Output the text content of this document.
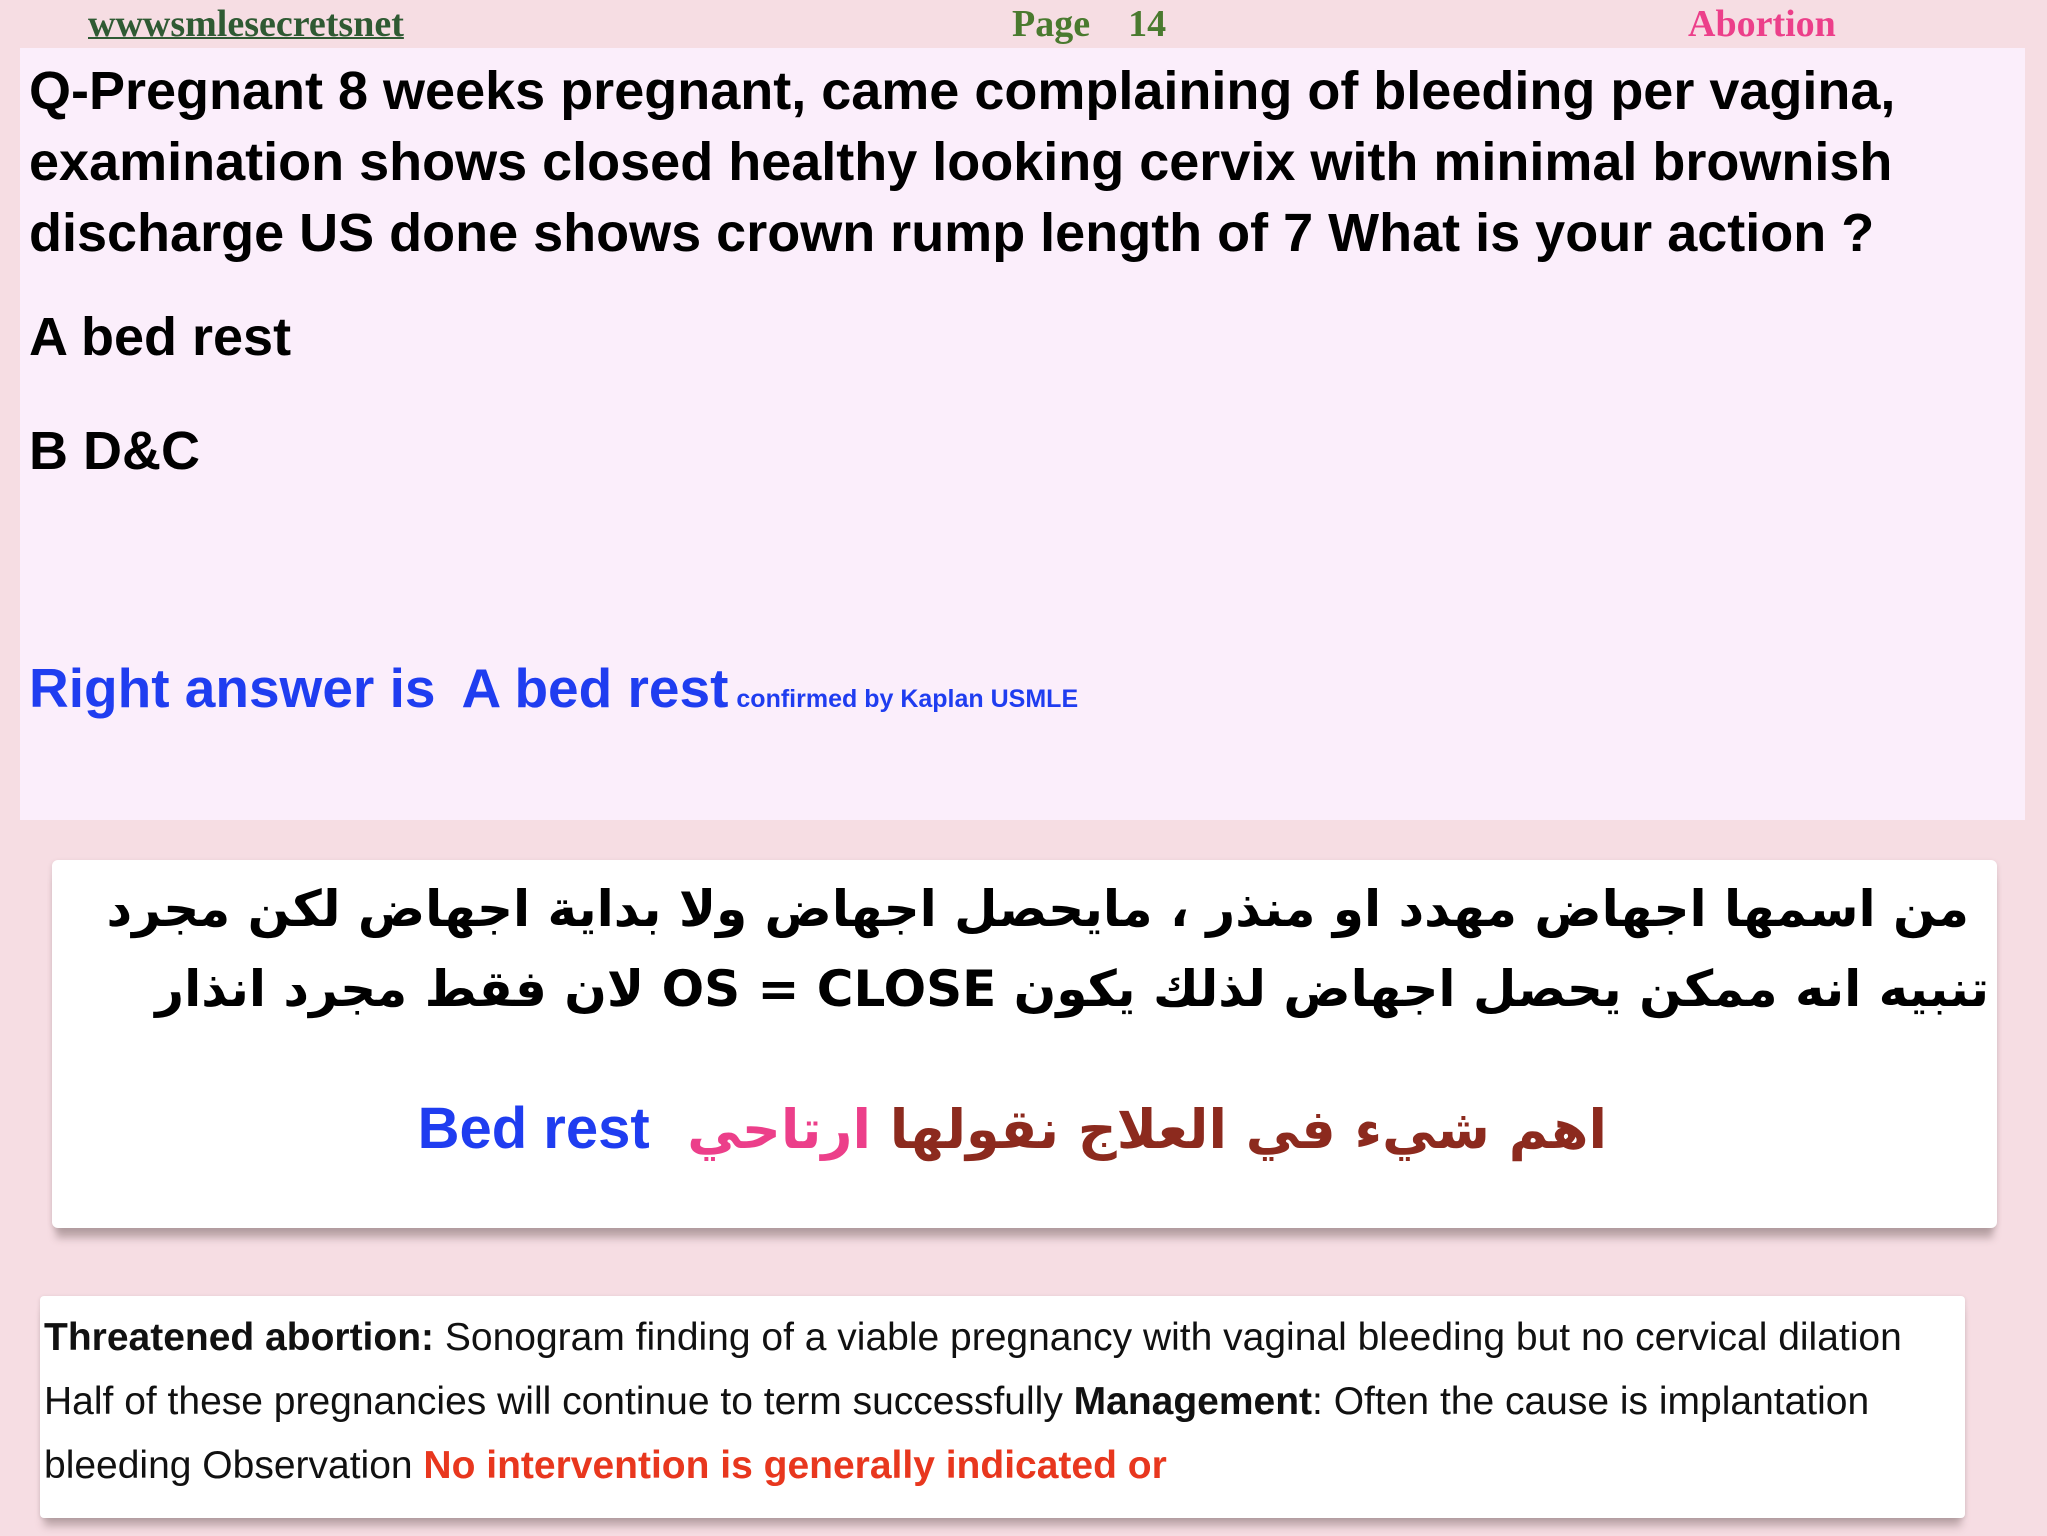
wwwsmlesecretsnet	Page 14	Abortion

Q-Pregnant 8 weeks pregnant, came complaining of bleeding per vagina,

examination shows closed healthy looking cervix with minimal brownish

discharge US done shows crown rump length of 7 What is your action ?

A bed rest

B D&C

Right answer is A bed rest confirmed by Kaplan USMLE
من اسمها اجهاض مهدد او منذر ، مايحصل اجهاض ولا بداية اجهاض لكن مجرد
تنبيه انه ممكن يحصل اجهاض لذلك يكون OS = CLOSE لان فقط مجرد انذار
اهم شيء في العلاج نقولها ارتاحي  Bed rest

Threatened abortion: Sonogram finding of a viable pregnancy with vaginal bleeding but no cervical dilation Half of these pregnancies will continue to term successfully Management: Often the cause is implantation bleeding Observation No intervention is generally indicated or
